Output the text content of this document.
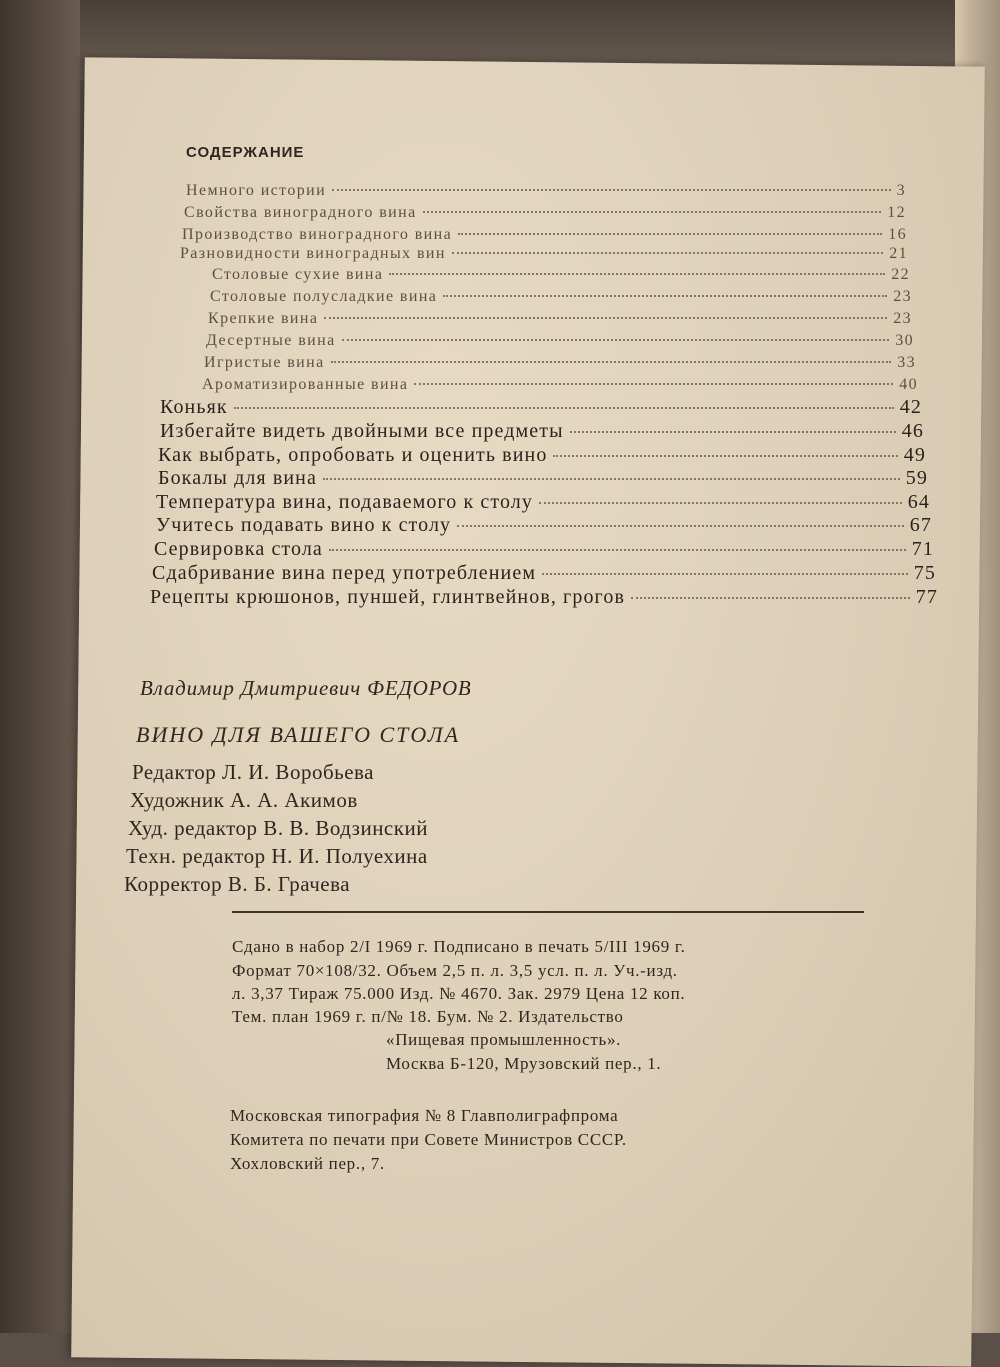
СОДЕРЖАНИЕ
Немного истории	3
Свойства виноградного вина	12
Производство виноградного вина	16
Разновидности виноградных вин	21
Столовые сухие вина	22
Столовые полусладкие вина	23
Крепкие вина	23
Десертные вина	30
Игристые вина	33
Ароматизированные вина	40
Коньяк	42
Избегайте видеть двойными все предметы	46
Как выбрать, опробовать и оценить вино	49
Бокалы для вина	59
Температура вина, подаваемого к столу	64
Учитесь подавать вино к столу	67
Сервировка стола	71
Сдабривание вина перед употреблением	75
Рецепты крюшонов, пуншей, глинтвейнов, грогов	77
Владимир Дмитриевич ФЕДОРОВ
ВИНО ДЛЯ ВАШЕГО СТОЛА
Редактор Л. И. Воробьева
Художник А. А. Акимов
Худ. редактор В. В. Водзинский
Техн. редактор Н. И. Полуехина
Корректор В. Б. Грачева
Сдано в набор 2/I 1969 г. Подписано в печать 5/III 1969 г.
Формат 70×108/32. Объем 2,5 п. л. 3,5 усл. п. л. Уч.-изд.
л. 3,37 Тираж 75.000 Изд. № 4670. Зак. 2979 Цена 12 коп.
Тем. план 1969 г. п/№ 18. Бум. № 2. Издательство
«Пищевая промышленность».
Москва Б-120, Мрузовский пер., 1.
Московская типография № 8 Главполиграфпрома
Комитета по печати при Совете Министров СССР.
Хохловский пер., 7.
